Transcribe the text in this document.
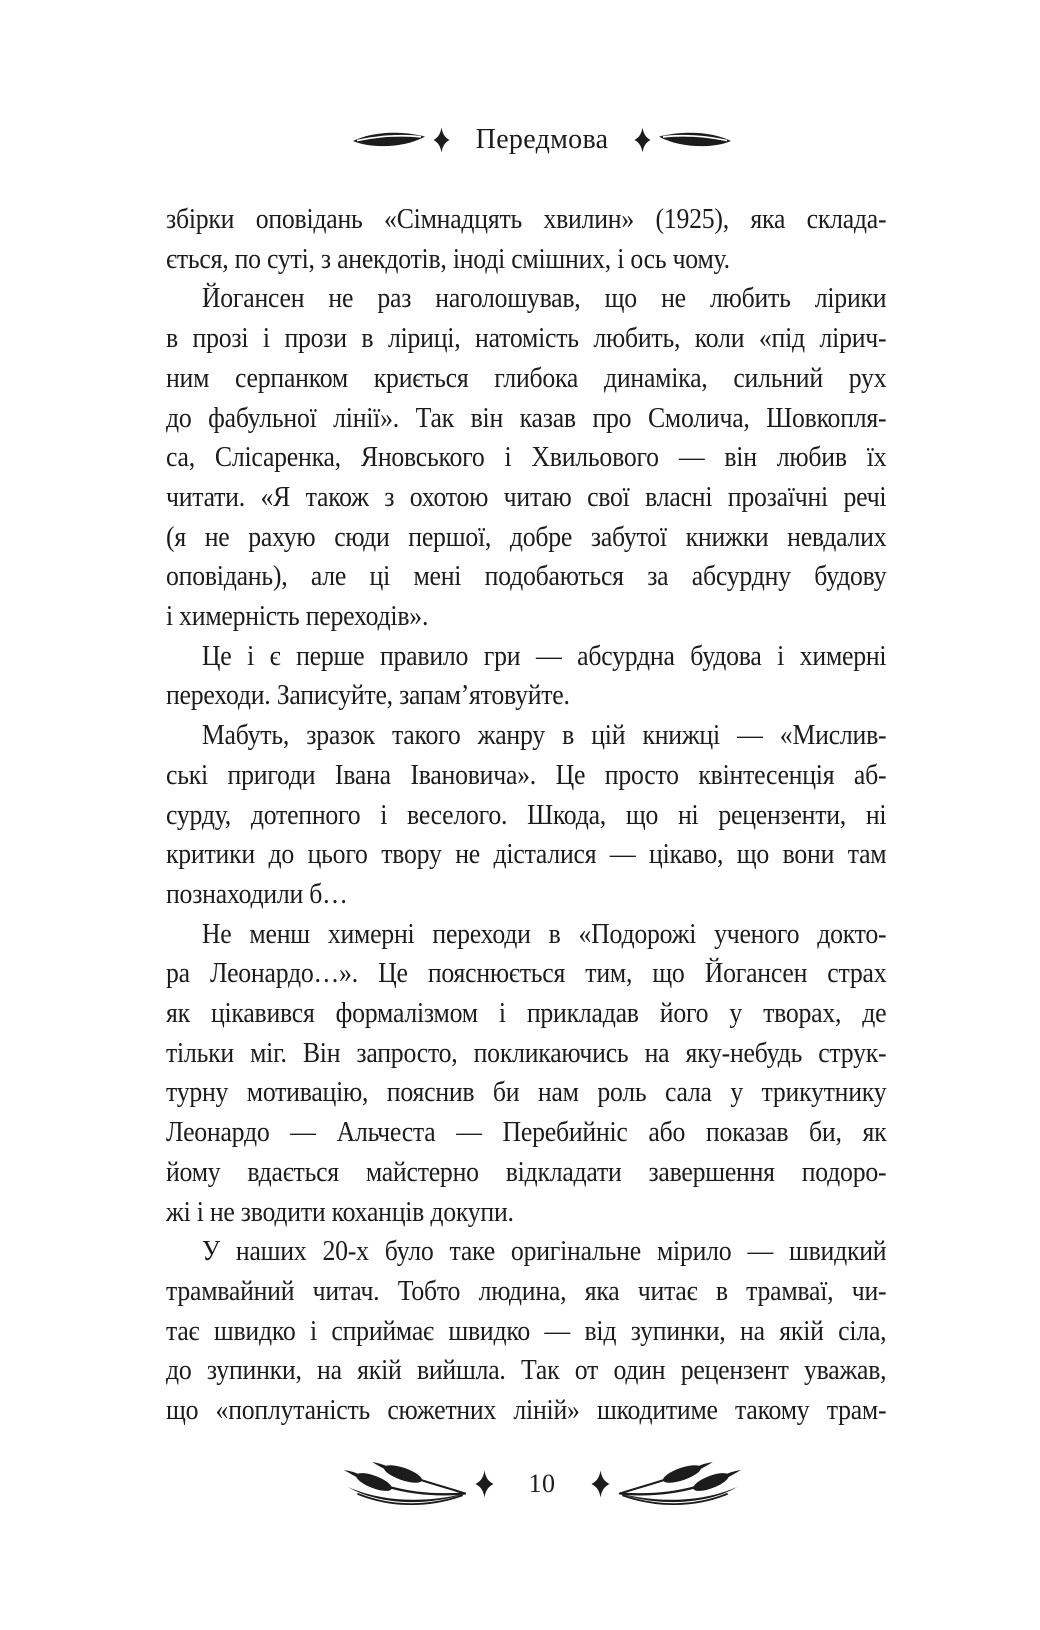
Передмова
збірки оповідань «Сімнадцять хвилин» (1925), яка склада-
ється, по суті, з анекдотів, іноді смішних, і ось чому.
Йогансен не раз наголошував, що не любить лірики
в прозі і прози в ліриці, натомість любить, коли «під лірич-
ним серпанком криється глибока динаміка, сильний рух
до фабульної лінії». Так він казав про Смолича, Шовкопля-
са, Слісаренка, Яновського і Хвильового — він любив їх
читати. «Я також з охотою читаю свої власні прозаїчні речі
(я не рахую сюди першої, добре забутої книжки невдалих
оповідань), але ці мені подобаються за абсурдну будову
і химерність переходів».
Це і є перше правило гри — абсурдна будова і химерні
переходи. Записуйте, запам’ятовуйте.
Мабуть, зразок такого жанру в цій книжці — «Мислив-
ські пригоди Івана Івановича». Це просто квінтесенція аб-
сурду, дотепного і веселого. Шкода, що ні рецензенти, ні
критики до цього твору не дісталися — цікаво, що вони там
познаходили б…
Не менш химерні переходи в «Подорожі ученого докто-
ра Леонардо…». Це пояснюється тим, що Йогансен страх
як цікавився формалізмом і прикладав його у творах, де
тільки міг. Він запросто, покликаючись на яку-небудь струк-
турну мотивацію, пояснив би нам роль сала у трикутнику
Леонардо — Альчеста — Перебийніс або показав би, як
йому вдається майстерно відкладати завершення подоро-
жі і не зводити коханців докупи.
У наших 20-х було таке оригінальне мірило — швидкий
трамвайний читач. Тобто людина, яка читає в трамваї, чи-
тає швидко і сприймає швидко — від зупинки, на якій сіла,
до зупинки, на якій вийшла. Так от один рецензент уважав,
що «поплутаність сюжетних ліній» шкодитиме такому трам-
10
